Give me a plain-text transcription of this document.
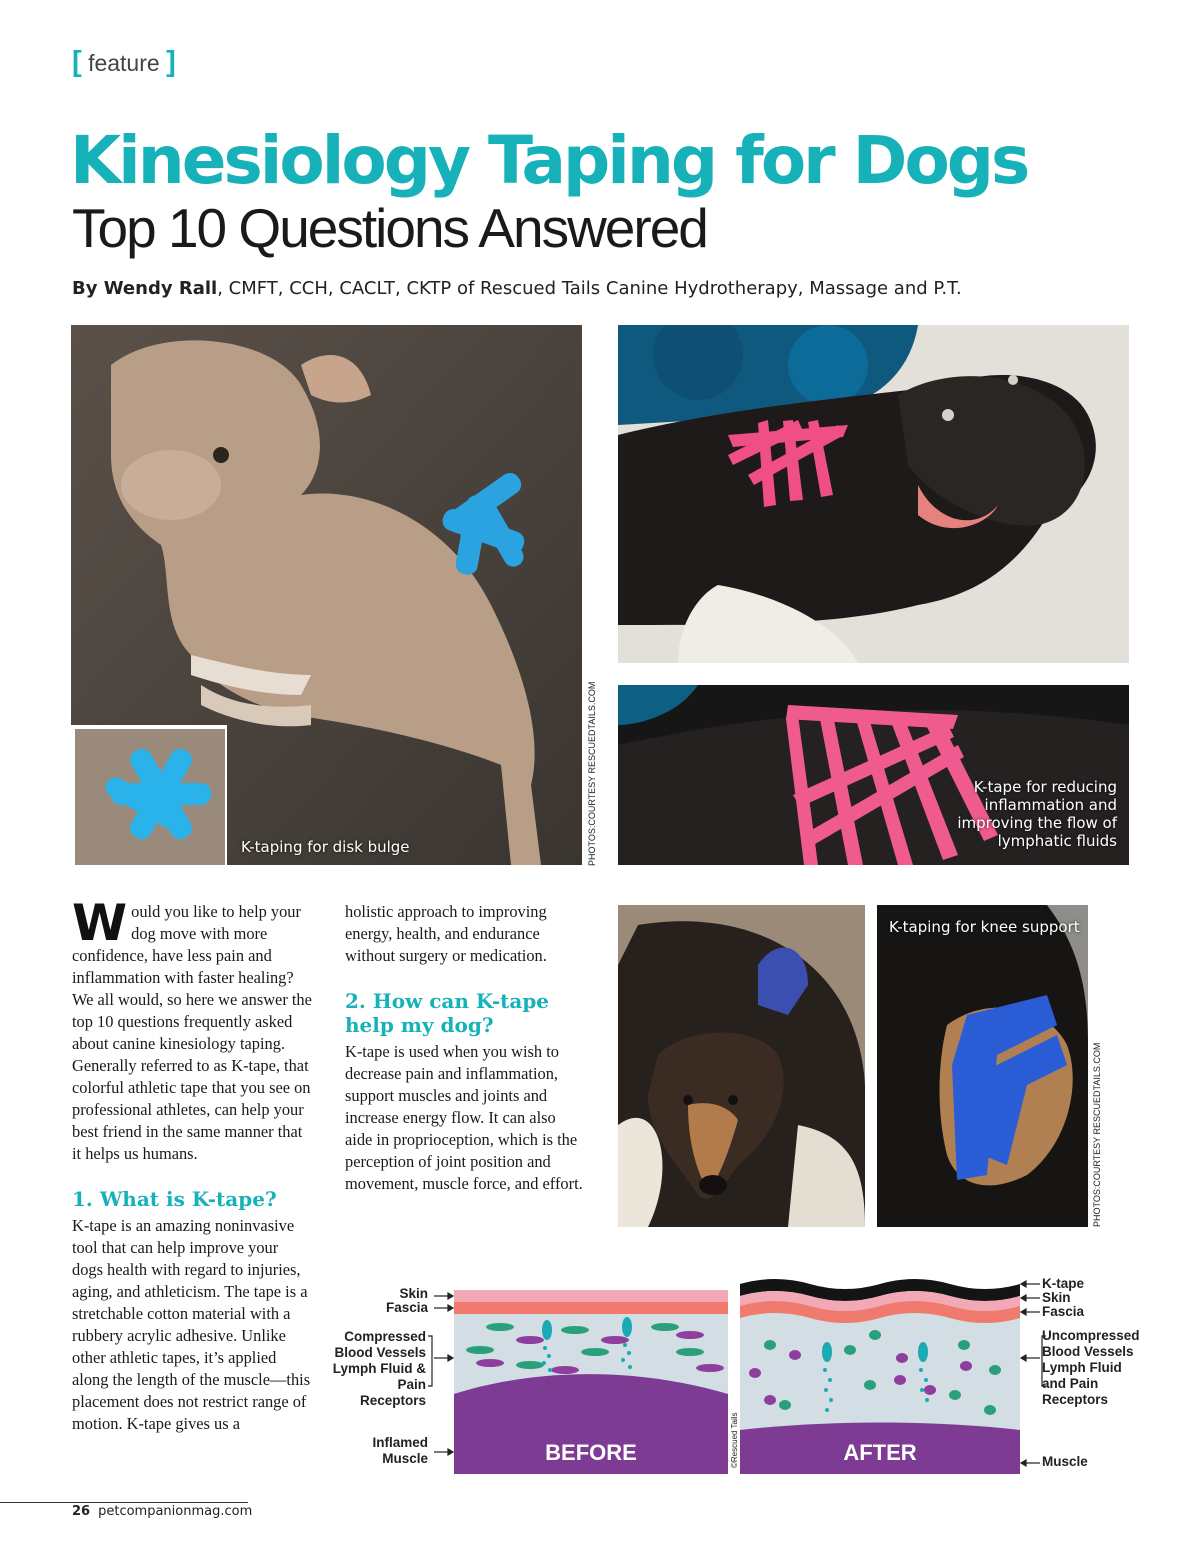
[ feature ]
Kinesiology Taping for Dogs
Top 10 Questions Answered
By Wendy Rall, CMFT, CCH, CACLT, CKTP of Rescued Tails Canine Hydrotherapy, Massage and P.T.
K-taping for disk bulge	PHOTOS:COURTESY RESCUEDTAILS.COM	K-tape for reducing inflammation and improving the flow of lymphatic fluids
K-taping for knee support
PHOTOS:COURTESY RESCUEDTAILS.COM

Would you like to help your dog move with more confidence, have less pain and inflammation with faster healing? We all would, so here we answer the top 10 questions frequently asked about canine kinesiology taping. Generally referred to as K-tape, that colorful athletic tape that you see on professional athletes, can help your best friend in the same manner that it helps us humans.

1. What is K-tape?

K-tape is an amazing noninvasive tool that can help improve your dogs health with regard to injuries, aging, and athleticism. The tape is a stretchable cotton material with a rubbery acrylic adhesive. Unlike other athletic tapes, it’s applied along the length of the muscle—this placement does not restrict range of motion. K-tape gives us a

holistic approach to improving energy, health, and endurance without surgery or medication.

2. How can K-tape help my dog?

K-tape is used when you wish to decrease pain and inflammation, support muscles and joints and increase energy flow. It can also aide in proprioception, which is the perception of joint position and movement, muscle force, and effort.

Skin
Fascia
Compressed Blood Vessels Lymph Fluid & Pain Receptors
Inflamed Muscle
K-tape
Skin
Fascia
Uncompressed Blood Vessels Lymph Fluid and Pain Receptors
Muscle
BEFORE	AFTER
©Rescued Tails
26 petcompanionmag.com
